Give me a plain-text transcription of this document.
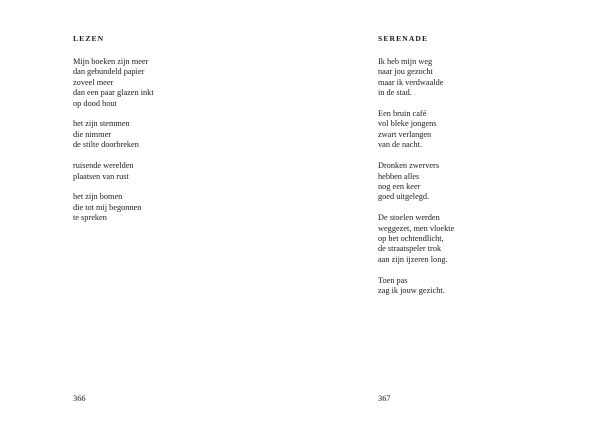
LEZEN
Mijn boeken zijn meer
dan gebundeld papier
zoveel meer
dan een paar glazen inkt
op dood hout
het zijn stemmen
die nimmer
de stilte doorbreken
ruisende werelden
plaatsen van rust
het zijn bomen
die tot mij begonnen
te spreken
366
SERENADE
Ik heb mijn weg
naar jou gezocht
maar ik verdwaalde
in de stad.
Een bruin café
vol bleke jongens
zwart verlangen
van de nacht.
Dronken zwervers
hebben alles
nog een keer
goed uitgelegd.
De stoelen werden
weggezet, men vloekte
op het ochtendlicht,
de straatspeler trok
aan zijn ijzeren long.
Toen pas
zag ik jouw gezicht.
367
